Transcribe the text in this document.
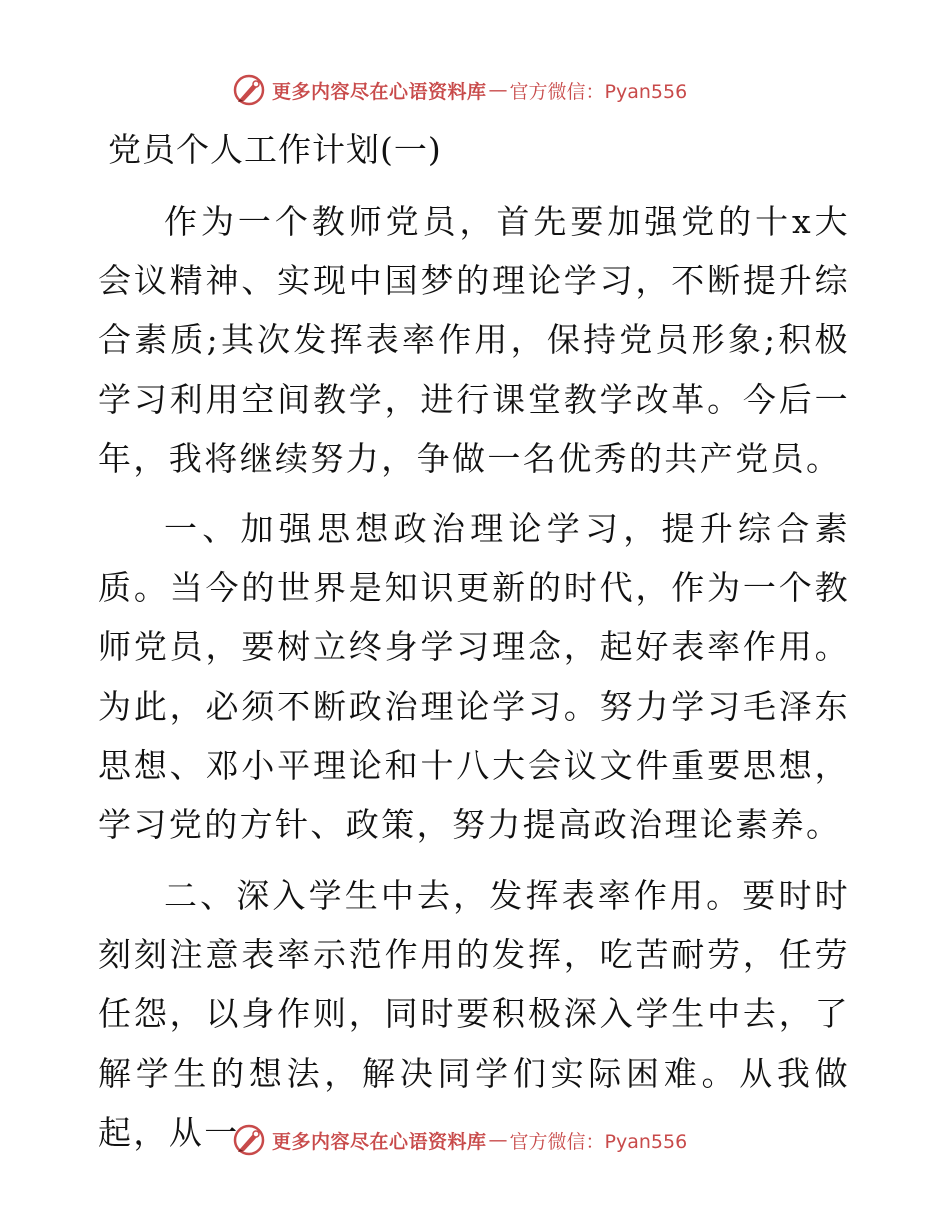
更多内容尽在心语资料库 — 官方微信：Pyan556
党员个人工作计划(一)

作为一个教师党员，首先要加强党的十x大会议精神、实现中国梦的理论学习，不断提升综合素质;其次发挥表率作用，保持党员形象;积极学习利用空间教学，进行课堂教学改革。今后一年，我将继续努力，争做一名优秀的共产党员。

一、加强思想政治理论学习，提升综合素质。当今的世界是知识更新的时代，作为一个教师党员，要树立终身学习理念，起好表率作用。为此，必须不断政治理论学习。努力学习毛泽东思想、邓小平理论和十八大会议文件重要思想，学习党的方针、政策，努力提高政治理论素养。

二、深入学生中去，发挥表率作用。要时时刻刻注意表率示范作用的发挥，吃苦耐劳，任劳任怨，以身作则，同时要积极深入学生中去，了解学生的想法，解决同学们实际困难。从我做起，从一	更多内容尽在心语资料库 — 官方微信：Pyan556
